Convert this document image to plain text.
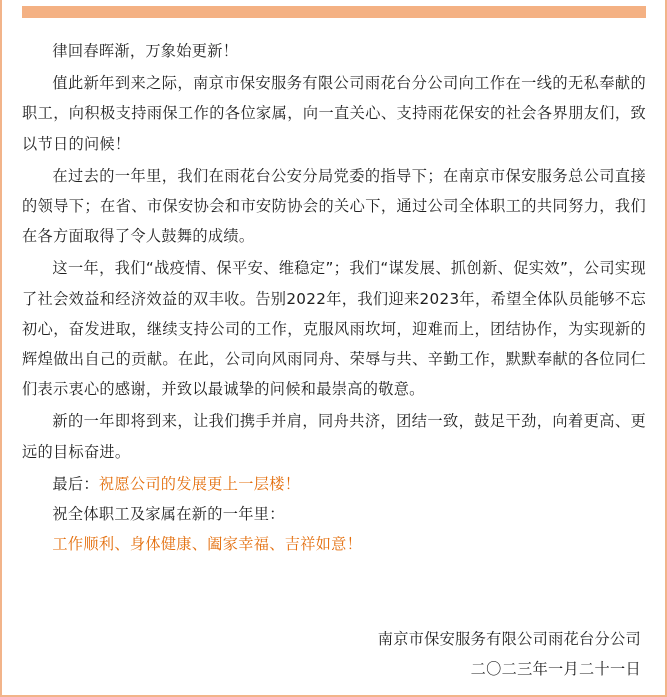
律回春晖渐，万象始更新！

值此新年到来之际，南京市保安服务有限公司雨花台分公司向工作在一线的无私奉献的职工，向积极支持雨保工作的各位家属，向一直关心、支持雨花保安的社会各界朋友们，致以节日的问候！

在过去的一年里，我们在雨花台公安分局党委的指导下；在南京市保安服务总公司直接的领导下；在省、市保安协会和市安防协会的关心下，通过公司全体职工的共同努力，我们在各方面取得了令人鼓舞的成绩。

这一年，我们“战疫情、保平安、维稳定”；我们“谋发展、抓创新、促实效”，公司实现了社会效益和经济效益的双丰收。告别2022年，我们迎来2023年，希望全体队员能够不忘初心，奋发进取，继续支持公司的工作，克服风雨坎坷，迎难而上，团结协作，为实现新的辉煌做出自己的贡献。在此，公司向风雨同舟、荣辱与共、辛勤工作，默默奉献的各位同仁们表示衷心的感谢，并致以最诚挚的问候和最崇高的敬意。

新的一年即将到来，让我们携手并肩，同舟共济，团结一致，鼓足干劲，向着更高、更远的目标奋进。

最后：祝愿公司的发展更上一层楼！

祝全体职工及家属在新的一年里：

工作顺利、身体健康、阖家幸福、吉祥如意！

南京市保安服务有限公司雨花台分公司
二〇二三年一月二十一日
